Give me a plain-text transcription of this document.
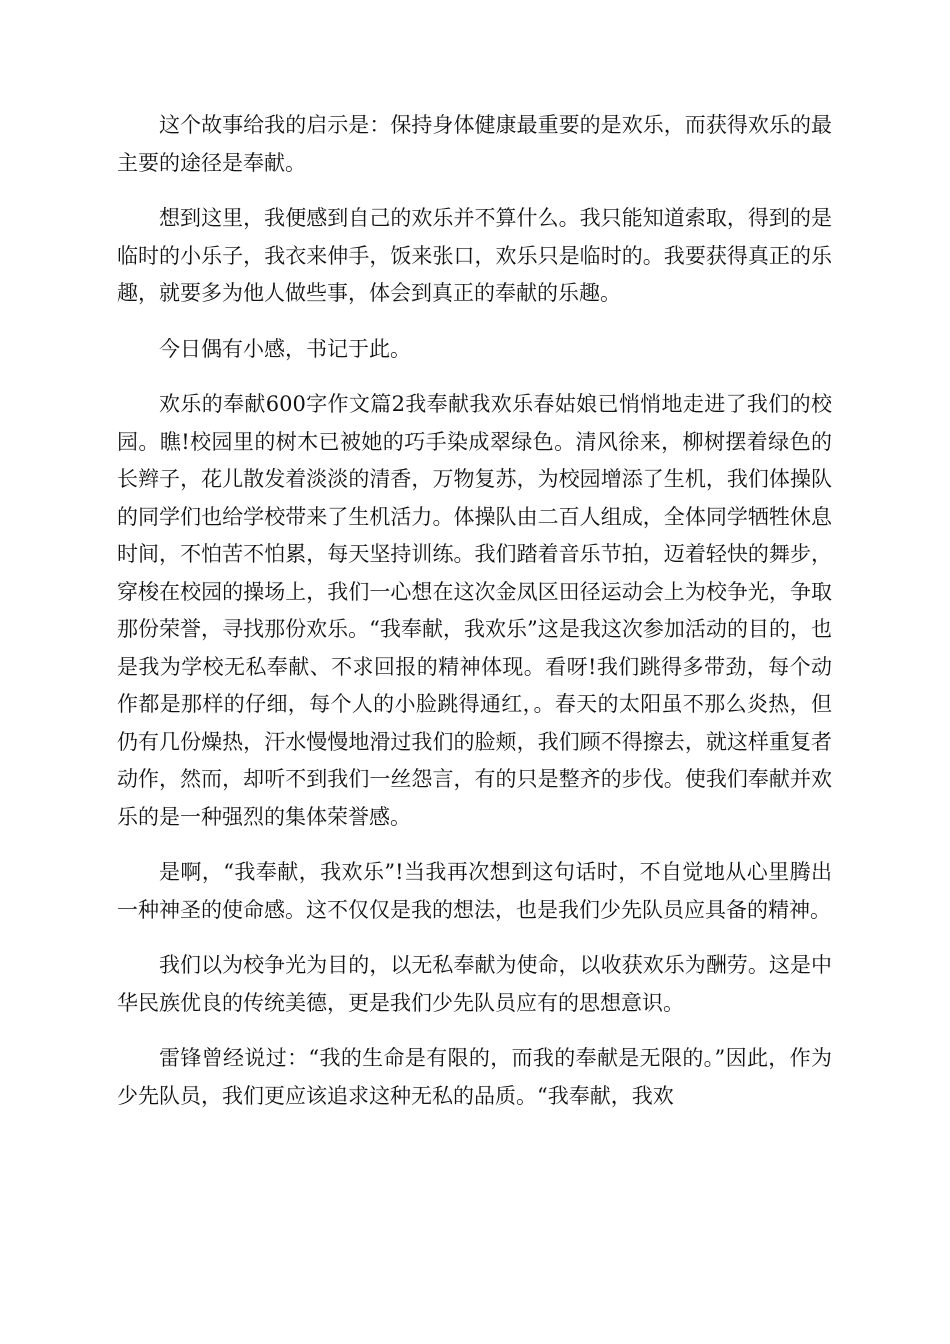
这个故事给我的启示是：保持身体健康最重要的是欢乐，而获得欢乐的最主要的途径是奉献。

想到这里，我便感到自己的欢乐并不算什么。我只能知道索取，得到的是临时的小乐子，我衣来伸手，饭来张口，欢乐只是临时的。我要获得真正的乐趣，就要多为他人做些事，体会到真正的奉献的乐趣。

今日偶有小感，书记于此。

欢乐的奉献600字作文篇2我奉献我欢乐春姑娘已悄悄地走进了我们的校园。瞧!校园里的树木已被她的巧手染成翠绿色。清风徐来，柳树摆着绿色的长辫子，花儿散发着淡淡的清香，万物复苏，为校园增添了生机，我们体操队的同学们也给学校带来了生机活力。体操队由二百人组成，全体同学牺牲休息时间，不怕苦不怕累，每天坚持训练。我们踏着音乐节拍，迈着轻快的舞步，穿梭在校园的操场上，我们一心想在这次金凤区田径运动会上为校争光，争取那份荣誉，寻找那份欢乐。“我奉献，我欢乐”这是我这次参加活动的目的，也是我为学校无私奉献、不求回报的精神体现。看呀!我们跳得多带劲，每个动作都是那样的仔细，每个人的小脸跳得通红，。春天的太阳虽不那么炎热，但仍有几份燥热，汗水慢慢地滑过我们的脸颊，我们顾不得擦去，就这样重复者动作，然而，却听不到我们一丝怨言，有的只是整齐的步伐。使我们奉献并欢乐的是一种强烈的集体荣誉感。

是啊，“我奉献，我欢乐”!当我再次想到这句话时，不自觉地从心里腾出一种神圣的使命感。这不仅仅是我的想法，也是我们少先队员应具备的精神。

我们以为校争光为目的，以无私奉献为使命，以收获欢乐为酬劳。这是中华民族优良的传统美德，更是我们少先队员应有的思想意识。

雷锋曾经说过：“我的生命是有限的，而我的奉献是无限的。”因此，作为少先队员，我们更应该追求这种无私的品质。“我奉献，我欢
